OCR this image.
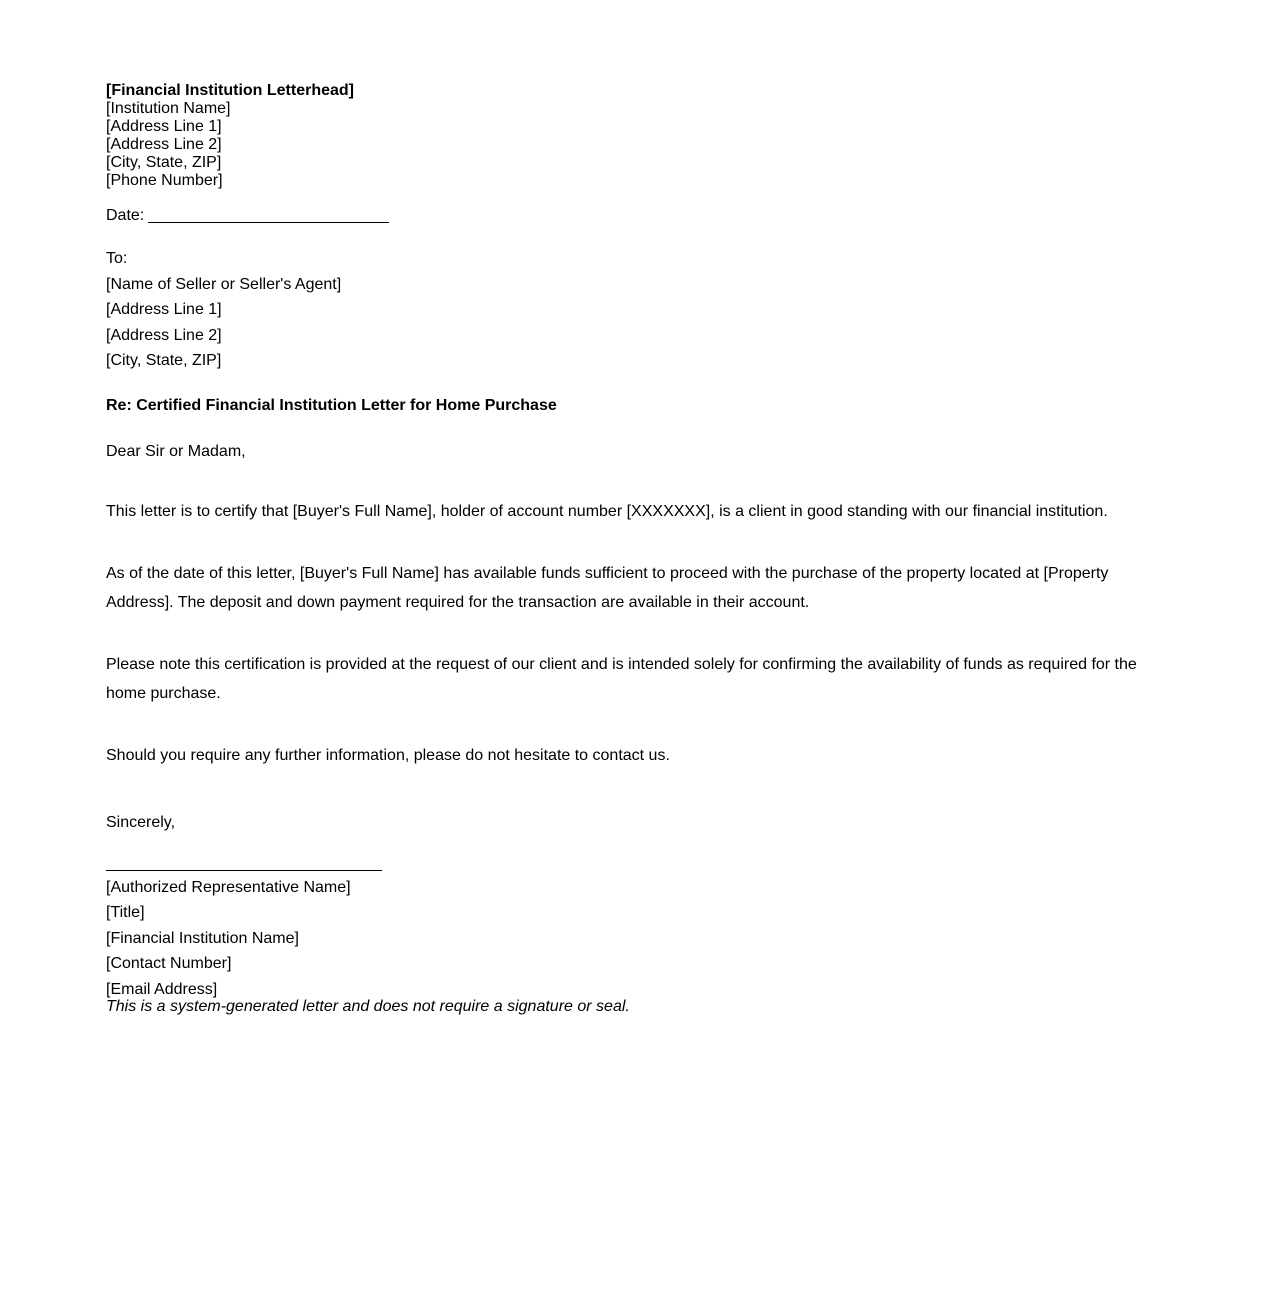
[Financial Institution Letterhead]
[Institution Name]
[Address Line 1]
[Address Line 2]
[City, State, ZIP]
[Phone Number]
Date:
To:
[Name of Seller or Seller's Agent]
[Address Line 1]
[Address Line 2]
[City, State, ZIP]
Re: Certified Financial Institution Letter for Home Purchase
Dear Sir or Madam,

This letter is to certify that [Buyer's Full Name], holder of account number [XXXXXXX], is a client in good standing with our financial institution.

As of the date of this letter, [Buyer's Full Name] has available funds sufficient to proceed with the purchase of the property located at [Property Address]. The deposit and down payment required for the transaction are available in their account.

Please note this certification is provided at the request of our client and is intended solely for confirming the availability of funds as required for the home purchase.

Should you require any further information, please do not hesitate to contact us.

Sincerely,
[Authorized Representative Name]
[Title]
[Financial Institution Name]
[Contact Number]
[Email Address]
This is a system-generated letter and does not require a signature or seal.
